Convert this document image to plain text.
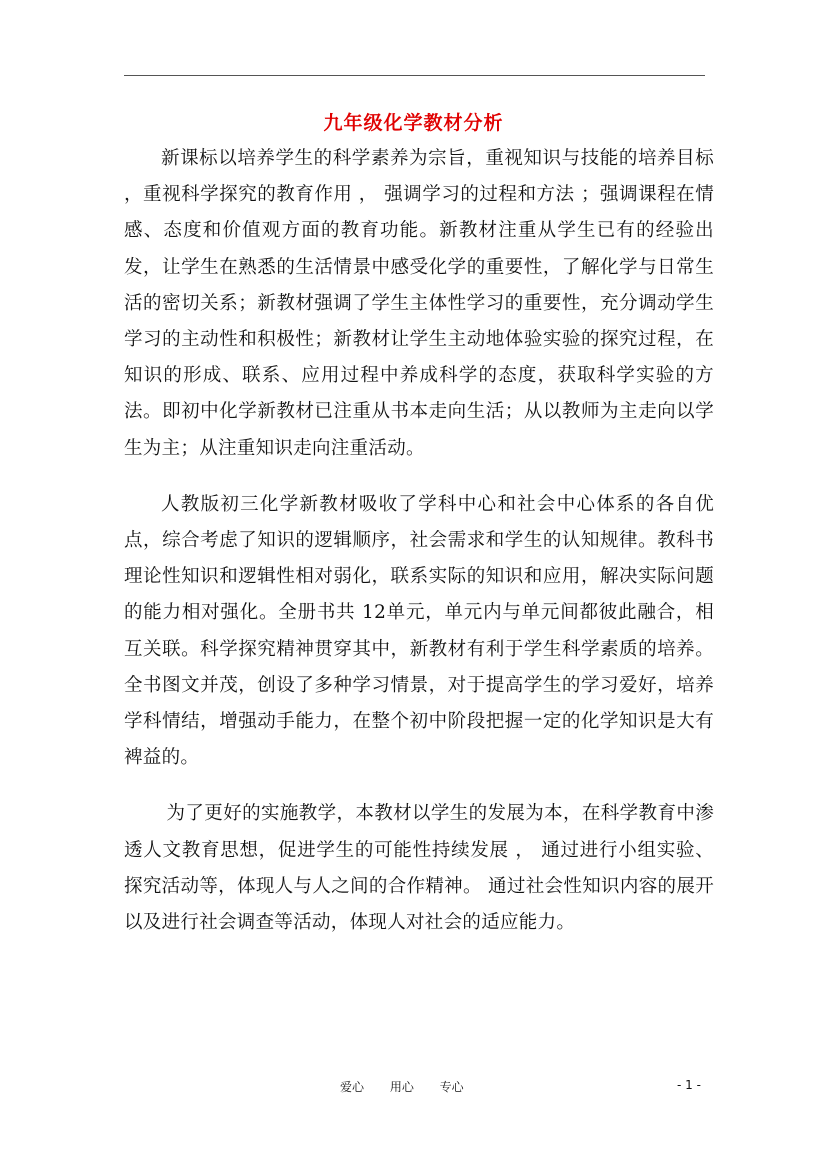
九年级化学教材分析

新课标以培养学生的科学素养为宗旨，重视知识与技能的培养目标 ，重视科学探究的教育作用 ， 强调学习的过程和方法 ；强调课程在情感、态度和价值观方面的教育功能。新教材注重从学生已有的经验出发，让学生在熟悉的生活情景中感受化学的重要性，了解化学与日常生活的密切关系；新教材强调了学生主体性学习的重要性，充分调动学生学习的主动性和积极性；新教材让学生主动地体验实验的探究过程，在知识的形成、联系、应用过程中养成科学的态度，获取科学实验的方法。即初中化学新教材已注重从书本走向生活；从以教师为主走向以学生为主；从注重知识走向注重活动。

人教版初三化学新教材吸收了学科中心和社会中心体系的各自优点，综合考虑了知识的逻辑顺序，社会需求和学生的认知规律。教科书理论性知识和逻辑性相对弱化，联系实际的知识和应用，解决实际问题的能力相对强化。全册书共 12单元，单元内与单元间都彼此融合，相互关联。科学探究精神贯穿其中，新教材有利于学生科学素质的培养。全书图文并茂，创设了多种学习情景，对于提高学生的学习爱好，培养学科情结，增强动手能力，在整个初中阶段把握一定的化学知识是大有裨益的。

为了更好的实施教学，本教材以学生的发展为本，在科学教育中渗透人文教育思想，促进学生的可能性持续发展 ， 通过进行小组实验、探究活动等，体现人与人之间的合作精神。 通过社会性知识内容的展开以及进行社会调查等活动，体现人对社会的适应能力。

爱心 用心 专心	- 1 -
